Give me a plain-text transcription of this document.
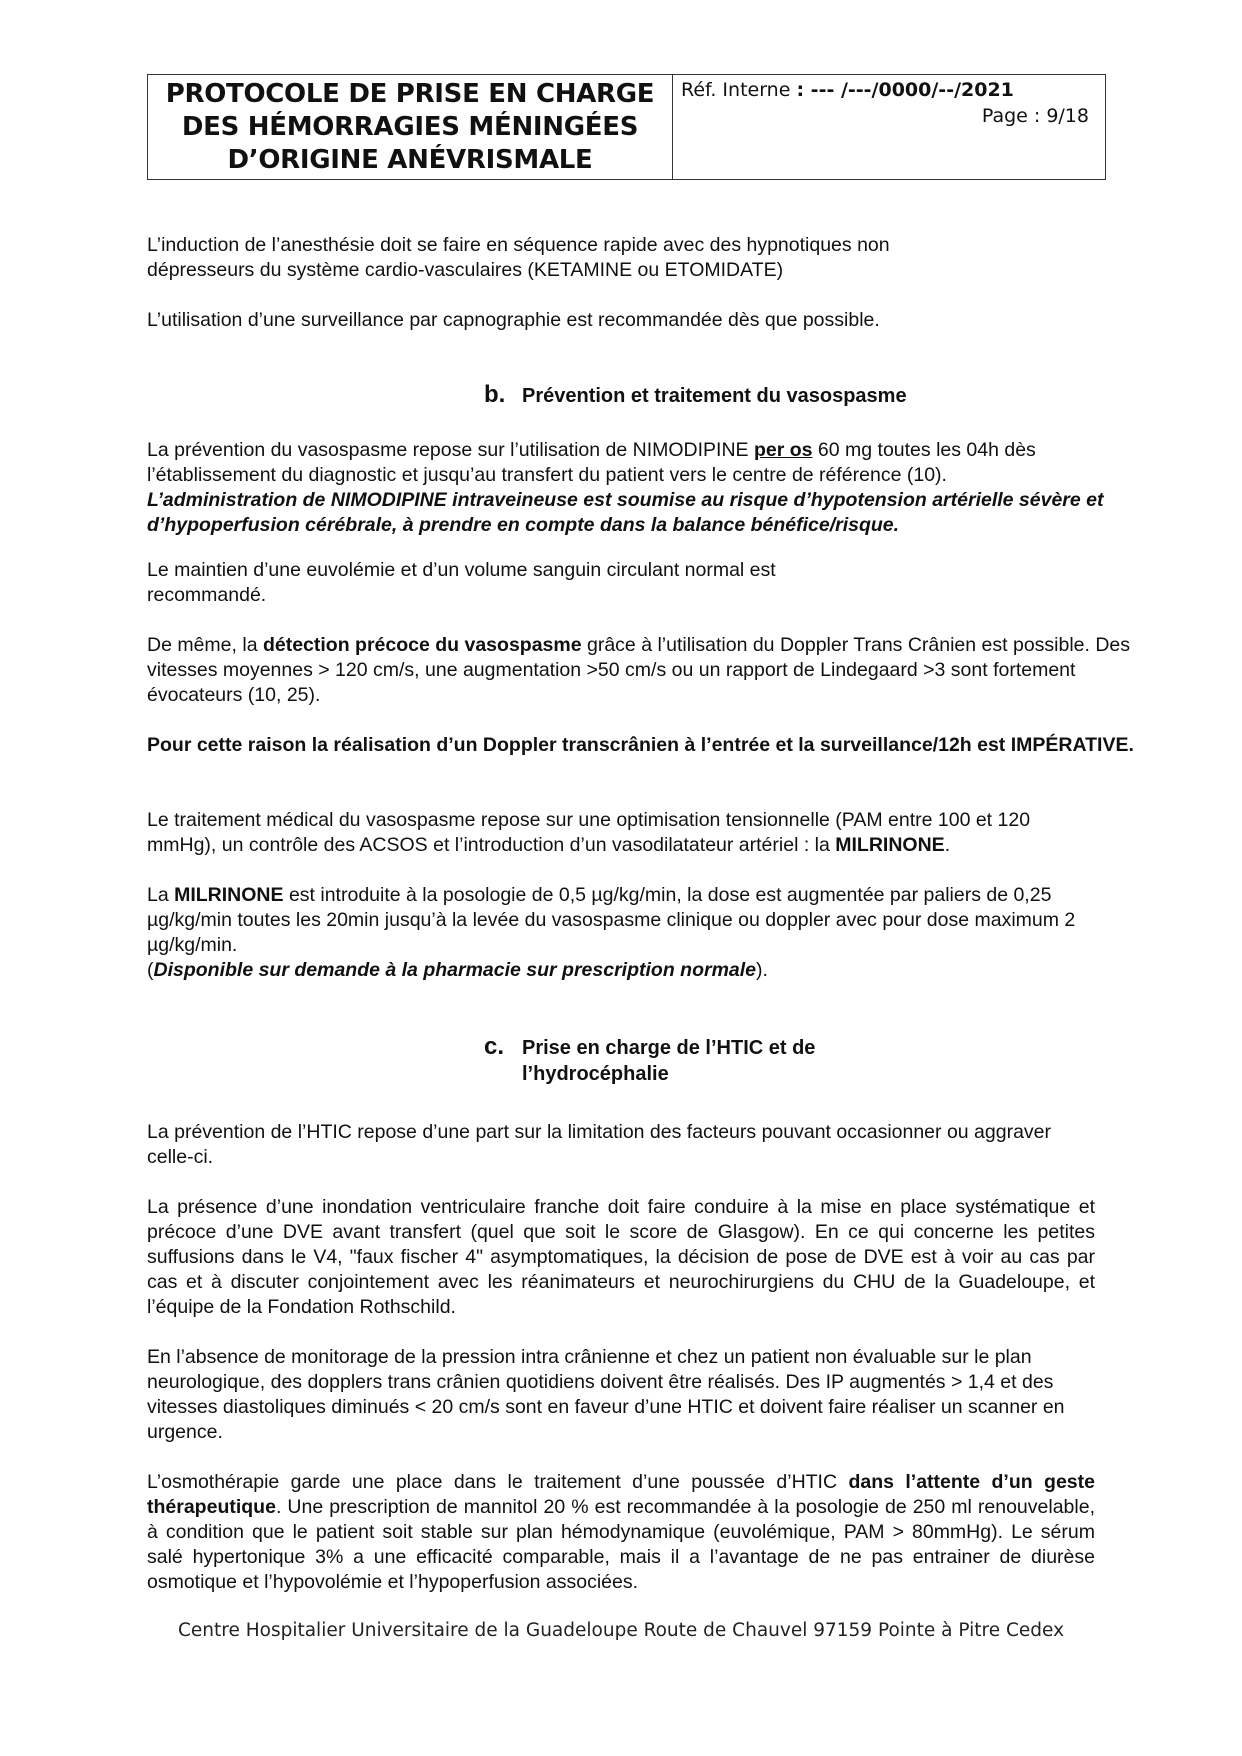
PROTOCOLE DE PRISE EN CHARGE
DES HÉMORRAGIES MÉNINGÉES
D’ORIGINE ANÉVRISMALE
Réf. Interne : --- /---/0000/--/2021
Page : 9/18
L’induction de l’anesthésie doit se faire en séquence rapide avec des hypnotiques non dépresseurs du système cardio-vasculaires (KETAMINE ou ETOMIDATE)
L’utilisation d’une surveillance par capnographie est recommandée dès que possible.
b. Prévention et traitement du vasospasme
La prévention du vasospasme repose sur l’utilisation de NIMODIPINE per os 60 mg toutes les 04h dès l’établissement du diagnostic et jusqu’au transfert du patient vers le centre de référence (10).
L’administration de NIMODIPINE intraveineuse est soumise au risque d’hypotension artérielle sévère et d’hypoperfusion cérébrale, à prendre en compte dans la balance bénéfice/risque.
Le maintien d’une euvolémie et d’un volume sanguin circulant normal est recommandé.
De même, la détection précoce du vasospasme grâce à l’utilisation du Doppler Trans Crânien est possible. Des vitesses moyennes > 120 cm/s, une augmentation >50 cm/s ou un rapport de Lindegaard >3 sont fortement évocateurs (10, 25).
Pour cette raison la réalisation d’un Doppler transcrânien à l’entrée et la surveillance/12h est IMPÉRATIVE.
Le traitement médical du vasospasme repose sur une optimisation tensionnelle (PAM entre 100 et 120 mmHg), un contrôle des ACSOS et l’introduction d’un vasodilatateur artériel : la MILRINONE.
La MILRINONE est introduite à la posologie de 0,5 µg/kg/min, la dose est augmentée par paliers de 0,25 µg/kg/min toutes les 20min jusqu’à la levée du vasospasme clinique ou doppler avec pour dose maximum 2 µg/kg/min.
(Disponible sur demande à la pharmacie sur prescription normale).
c. Prise en charge de l’HTIC et de
l’hydrocéphalie
La prévention de l’HTIC repose d’une part sur la limitation des facteurs pouvant occasionner ou aggraver celle-ci.
La présence d’une inondation ventriculaire franche doit faire conduire à la mise en place systématique et précoce d’une DVE avant transfert (quel que soit le score de Glasgow). En ce qui concerne les petites suffusions dans le V4, "faux fischer 4" asymptomatiques, la décision de pose de DVE est à voir au cas par cas et à discuter conjointement avec les réanimateurs et neurochirurgiens du CHU de la Guadeloupe, et l’équipe de la Fondation Rothschild.
En l’absence de monitorage de la pression intra crânienne et chez un patient non évaluable sur le plan neurologique, des dopplers trans crânien quotidiens doivent être réalisés. Des IP augmentés > 1,4 et des vitesses diastoliques diminués < 20 cm/s sont en faveur d’une HTIC et doivent faire réaliser un scanner en urgence.
L’osmothérapie garde une place dans le traitement d’une poussée d’HTIC dans l’attente d’un geste thérapeutique. Une prescription de mannitol 20 % est recommandée à la posologie de 250 ml renouvelable, à condition que le patient soit stable sur plan hémodynamique (euvolémique, PAM > 80mmHg). Le sérum salé hypertonique 3% a une efficacité comparable, mais il a l’avantage de ne pas entrainer de diurèse osmotique et l’hypovolémie et l’hypoperfusion associées.
Centre Hospitalier Universitaire de la Guadeloupe Route de Chauvel 97159 Pointe à Pitre Cedex
